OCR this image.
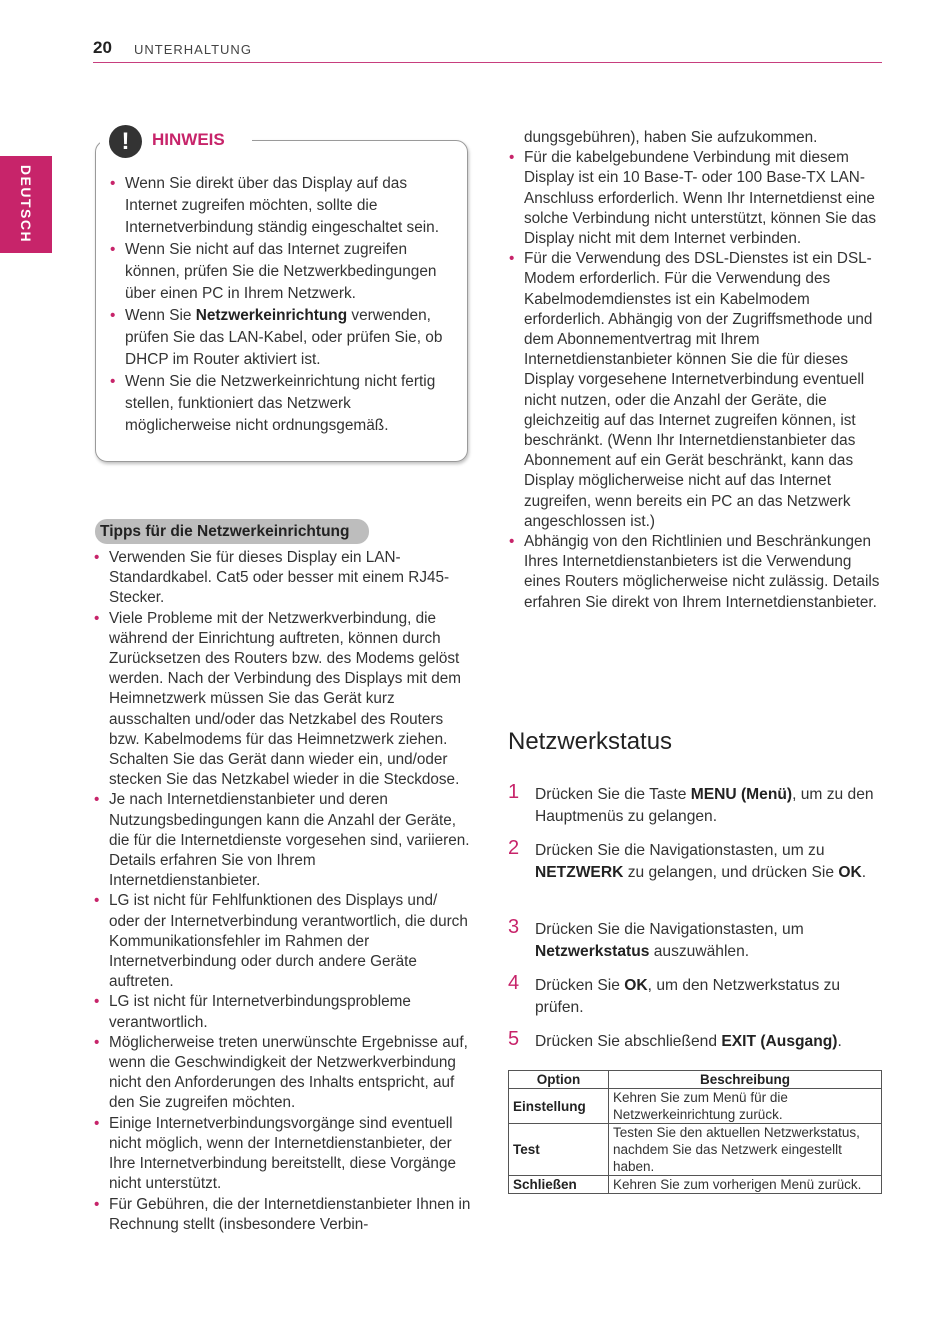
20 UNTERHALTUNG
DEUTSCH
!	HINWEIS
• Wenn Sie direkt über das Display auf das Internet zugreifen möchten, sollte die Internetverbindung ständig eingeschaltet sein.
• Wenn Sie nicht auf das Internet zugreifen können, prüfen Sie die Netzwerkbedingungen über einen PC in Ihrem Netzwerk.
• Wenn Sie Netzwerkeinrichtung verwenden, prüfen Sie das LAN-Kabel, oder prüfen Sie, ob DHCP im Router aktiviert ist.
• Wenn Sie die Netzwerkeinrichtung nicht fertig stellen, funktioniert das Netzwerk möglicherweise nicht ordnungsgemäß.
Tipps für die Netzwerkeinrichtung
• Verwenden Sie für dieses Display ein LAN-Standardkabel. Cat5 oder besser mit einem RJ45-Stecker.
• Viele Probleme mit der Netzwerkverbindung, die während der Einrichtung auftreten, können durch Zurücksetzen des Routers bzw. des Modems gelöst werden. Nach der Verbindung des Displays mit dem Heimnetzwerk müssen Sie das Gerät kurz ausschalten und/oder das Netzkabel des Routers bzw. Kabelmodems für das Heimnetzwerk ziehen. Schalten Sie das Gerät dann wieder ein, und/oder stecken Sie das Netzkabel wieder in die Steckdose.
• Je nach Internetdienstanbieter und deren Nutzungsbedingungen kann die Anzahl der Geräte, die für die Internetdienste vorgesehen sind, variieren. Details erfahren Sie von Ihrem Internetdienstanbieter.
• LG ist nicht für Fehlfunktionen des Displays und/ oder der Internetverbindung verantwortlich, die durch Kommunikationsfehler im Rahmen der Internetverbindung oder durch andere Geräte auftreten.
• LG ist nicht für Internetverbindungsprobleme verantwortlich.
• Möglicherweise treten unerwünschte Ergebnisse auf, wenn die Geschwindigkeit der Netzwerkverbindung nicht den Anforderungen des Inhalts entspricht, auf den Sie zugreifen möchten.
• Einige Internetverbindungsvorgänge sind eventuell nicht möglich, wenn der Internetdienstanbieter, der Ihre Internetverbindung bereitstellt, diese Vorgänge nicht unterstützt.
• Für Gebühren, die der Internetdienstanbieter Ihnen in Rechnung stellt (insbesondere Verbin-
dungsgebühren), haben Sie aufzukommen.
• Für die kabelgebundene Verbindung mit diesem Display ist ein 10 Base-T- oder 100 Base-TX LAN-Anschluss erforderlich. Wenn Ihr Internetdienst eine solche Verbindung nicht unterstützt, können Sie das Display nicht mit dem Internet verbinden.
• Für die Verwendung des DSL-Dienstes ist ein DSL-Modem erforderlich. Für die Verwendung des Kabelmodemdienstes ist ein Kabelmodem erforderlich. Abhängig von der Zugriffsmethode und dem Abonnementvertrag mit Ihrem Internetdienstanbieter können Sie die für dieses Display vorgesehene Internetverbindung eventuell nicht nutzen, oder die Anzahl der Geräte, die gleichzeitig auf das Internet zugreifen können, ist beschränkt. (Wenn Ihr Internetdienstanbieter das Abonnement auf ein Gerät beschränkt, kann das Display möglicherweise nicht auf das Internet zugreifen, wenn bereits ein PC an das Netzwerk angeschlossen ist.)
• Abhängig von den Richtlinien und Beschränkungen Ihres Internetdienstanbieters ist die Verwendung eines Routers möglicherweise nicht zulässig. Details erfahren Sie direkt von Ihrem Internetdienstanbieter.
Netzwerkstatus
1 Drücken Sie die Taste MENU (Menü), um zu den Hauptmenüs zu gelangen.
2 Drücken Sie die Navigationstasten, um zu NETZWERK zu gelangen, und drücken Sie OK.
3 Drücken Sie die Navigationstasten, um Netzwerkstatus auszuwählen.
4 Drücken Sie OK, um den Netzwerkstatus zu prüfen.
5 Drücken Sie abschließend EXIT (Ausgang).
Option	Beschreibung
Einstellung	Kehren Sie zum Menü für die Netzwerkeinrichtung zurück.
Test	Testen Sie den aktuellen Netzwerkstatus, nachdem Sie das Netzwerk eingestellt haben.
Schließen	Kehren Sie zum vorherigen Menü zurück.
